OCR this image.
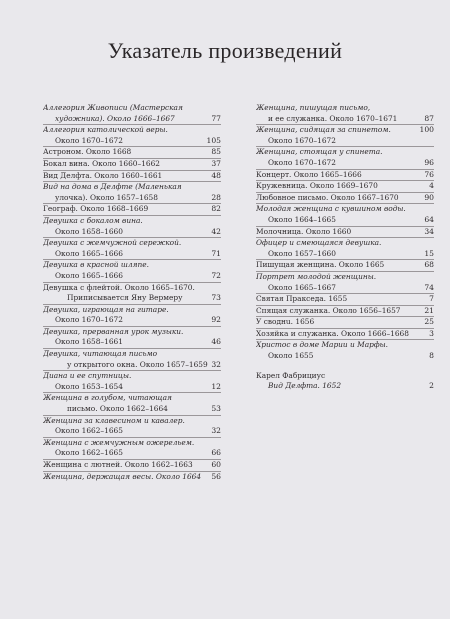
Указатель произведений
Аллегория Живописи (Мастерская
художника). Около 1666–1667	77
Аллегория католической веры.
Около 1670–1672	105
Астроном. Около 1668	85
Бокал вина. Около 1660–1662	37
Вид Делфта. Около 1660–1661	48
Вид на дома в Делфте (Маленькая
улочка). Около 1657–1658	28
Географ. Около 1668–1669	82
Девушка с бокалом вина.
Около 1658–1660	42
Девушка с жемчужной сережкой.
Около 1665–1666	71
Девушка в красной шляпе.
Около 1665–1666	72
Девушка с флейтой. Около 1665–1670.
Приписывается Яну Вермеру	73
Девушка, играющая на гитаре.
Около 1670–1672	92
Девушка, прерванная урок музыки.
Около 1658–1661	46
Девушка, читающая письмо
у открытого окна. Около 1657–1659 32
Диана и ее спутницы.
Около 1653–1654	12
Женщина в голубом, читающая
письмо. Около 1662–1664	53
Женщина за клавесином и кавалер.
Около 1662–1665	32
Женщина с жемчужным ожерельем.
Около 1662–1665	66
Женщина с лютней. Около 1662–1663	60
Женщина, держащая весы. Около 1664	56
Женщина, пишущая письмо,
и ее служанка. Около 1670–1671	87
Женщина, сидящая за спинетом.
Около 1670–1672
100
Женщина, стоящая у спинета.
Около 1670–1672	96
Концерт. Около 1665–1666	76
Кружевница. Около 1669–1670	4
Любовное письмо. Около 1667–1670	90
Молодая женщина с кувшином воды.
Около 1664–1665	64
Молочница. Около 1660	34
Офицер и смеющаяся девушка.
Около 1657–1660	15
Пишущая женщина. Около 1665	68
Портрет молодой женщины.
Около 1665–1667	74
Святая Пракседа. 1655	7
Спящая служанка. Около 1656–1657	21
У своднu. 1656	25
Хозяйка и служанка. Около 1666–1668	3
Христос в доме Марии и Марфы.
Около 1655	8
Карел Фабрициус
Вид Делфта. 1652	2
